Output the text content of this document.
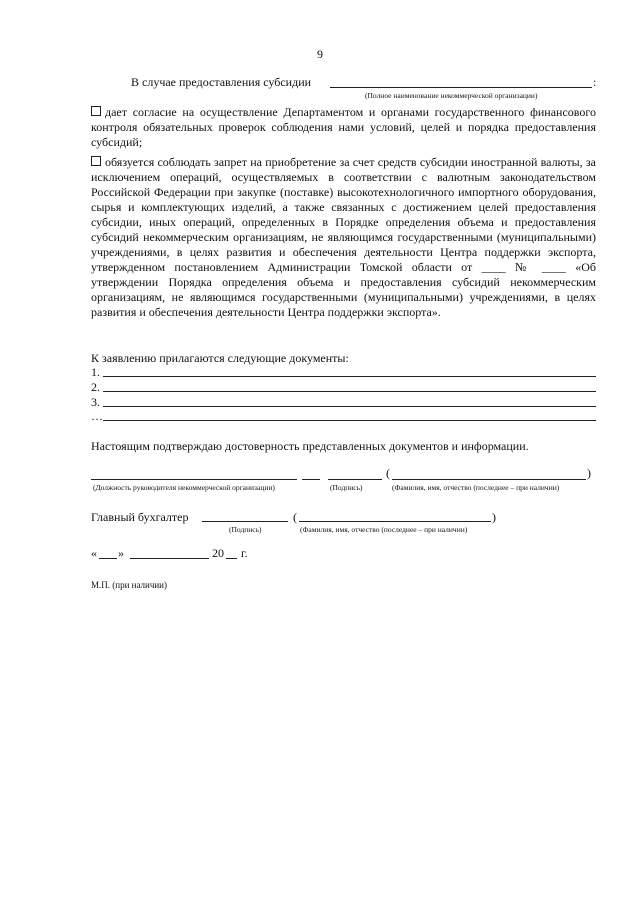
9
В случае предоставления субсидии	:
(Полное наименование некоммерческой организации)
дает согласие на осуществление Департаментом и органами государственного финансового контроля обязательных проверок соблюдения нами условий, целей и порядка предоставления субсидий;
обязуется соблюдать запрет на приобретение за счет средств субсидии иностранной валюты, за исключением операций, осуществляемых в соответствии с валютным законодательством Российской Федерации при закупке (поставке) высокотехнологичного импортного оборудования, сырья и комплектующих изделий, а также связанных с достижением целей предоставления субсидии, иных операций, определенных в Порядке определения объема и предоставления субсидий некоммерческим организациям, не являющимся государственными (муниципальными) учреждениями, в целях развития и обеспечения деятельности Центра поддержки экспорта, утвержденном постановлением Администрации Томской области от ____ № ____ «Об утверждении Порядка определения объема и предоставления субсидий некоммерческим организациям, не являющимся государственными (муниципальными) учреждениями, в целях развития и обеспечения деятельности Центра поддержки экспорта».
К заявлению прилагаются следующие документы:
1.
2.
3.
…
Настоящим подтверждаю достоверность представленных документов и информации.
(	)
(Должность руководителя некоммерческой организации)	(Подпись)	(Фамилия, имя, отчество (последнее – при наличии)
Главный бухгалтер	(	)
(Подпись)	(Фамилия, имя, отчество (последнее – при наличии)
« »	20 г.
М.П. (при наличии)
